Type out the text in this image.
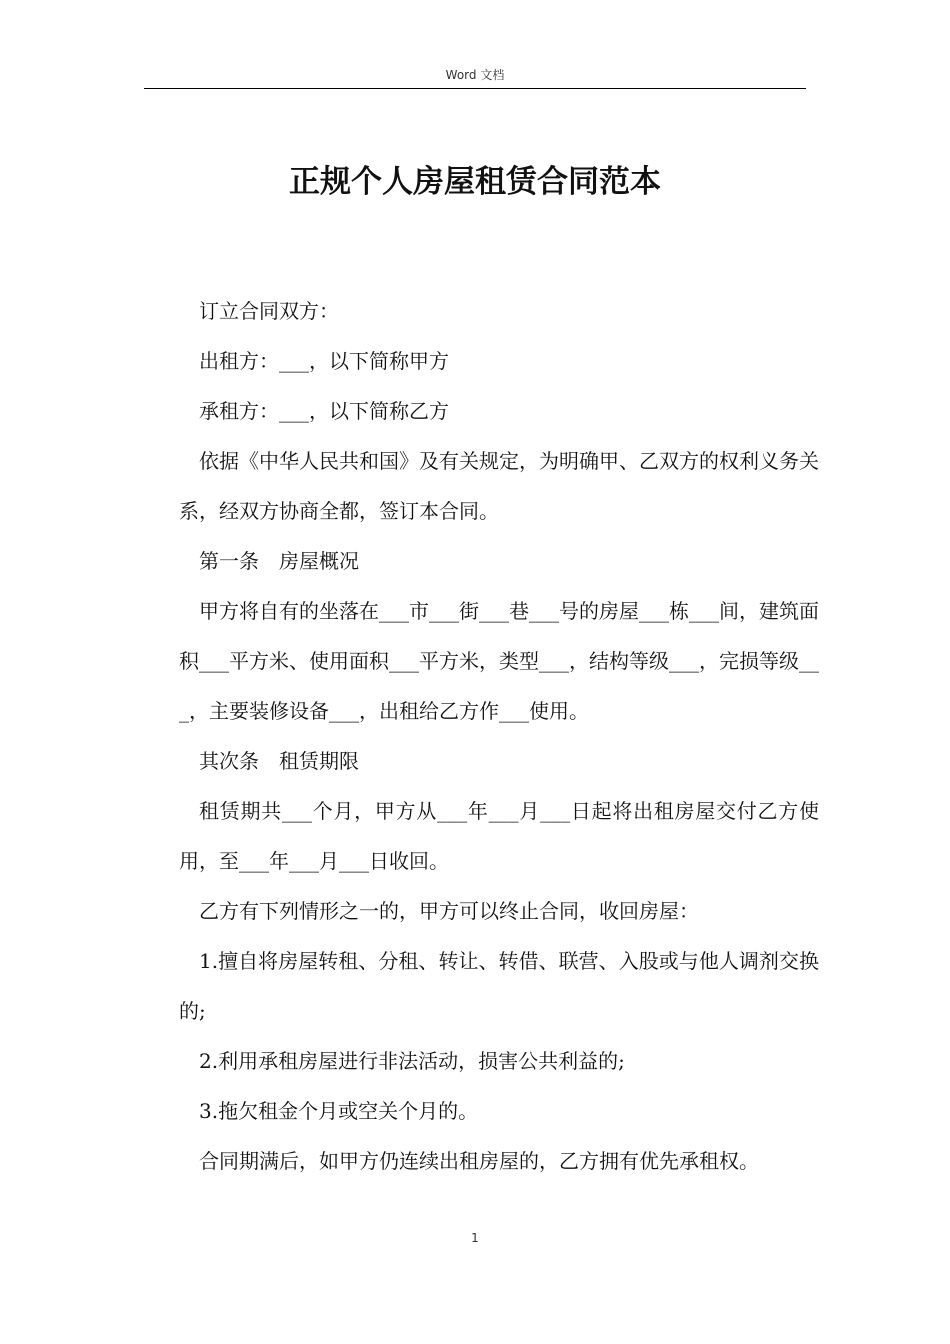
Word 文档
正规个人房屋租赁合同范本

订立合同双方：

出租方：___，以下简称甲方

承租方：___，以下简称乙方

依据《中华人民共和国》及有关规定，为明确甲、乙双方的权利义务关系，经双方协商全都，签订本合同。

第一条　房屋概况

甲方将自有的坐落在___市___街___巷___号的房屋___栋___间，建筑面积___平方米、使用面积___平方米，类型___，结构等级___，完损等级___，主要装修设备___，出租给乙方作___使用。

其次条　租赁期限

租赁期共___个月，甲方从___年___月___日起将出租房屋交付乙方使用，至___年___月___日收回。

乙方有下列情形之一的，甲方可以终止合同，收回房屋：

1.擅自将房屋转租、分租、转让、转借、联营、入股或与他人调剂交换的;

2.利用承租房屋进行非法活动，损害公共利益的;

3.拖欠租金个月或空关个月的。

合同期满后，如甲方仍连续出租房屋的，乙方拥有优先承租权。

1
